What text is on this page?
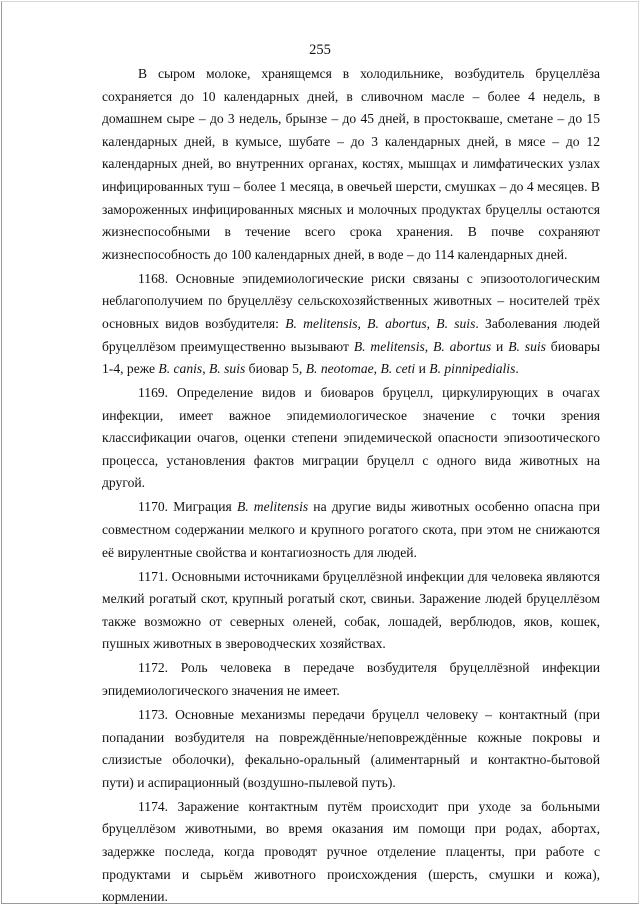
255

В сыром молоке, хранящемся в холодильнике, возбудитель бруцеллёза сохраняется до 10 календарных дней, в сливочном масле – более 4 недель, в домашнем сыре – до 3 недель, брынзе – до 45 дней, в простокваше, сметане – до 15 календарных дней, в кумысе, шубате – до 3 календарных дней, в мясе – до 12 календарных дней, во внутренних органах, костях, мышцах и лимфатических узлах инфицированных туш – более 1 месяца, в овечьей шерсти, смушках – до 4 месяцев. В замороженных инфицированных мясных и молочных продуктах бруцеллы остаются жизнеспособными в течение всего срока хранения. В почве сохраняют жизнеспособность до 100 календарных дней, в воде – до 114 календарных дней.

1168. Основные эпидемиологические риски связаны с эпизоотологическим неблагополучием по бруцеллёзу сельскохозяйственных животных – носителей трёх основных видов возбудителя: B. melitensis, B. abortus, B. suis. Заболевания людей бруцеллёзом преимущественно вызывают B. melitensis, B. abortus и B. suis биовары 1-4, реже B. canis, B. suis биовар 5, B. neotomae, B. ceti и B. pinnipedialis.

1169. Определение видов и биоваров бруцелл, циркулирующих в очагах инфекции, имеет важное эпидемиологическое значение с точки зрения классификации очагов, оценки степени эпидемической опасности эпизоотического процесса, установления фактов миграции бруцелл с одного вида животных на другой.

1170. Миграция B. melitensis на другие виды животных особенно опасна при совместном содержании мелкого и крупного рогатого скота, при этом не снижаются её вирулентные свойства и контагиозность для людей.

1171. Основными источниками бруцеллёзной инфекции для человека являются мелкий рогатый скот, крупный рогатый скот, свиньи. Заражение людей бруцеллёзом также возможно от северных оленей, собак, лошадей, верблюдов, яков, кошек, пушных животных в звероводческих хозяйствах.

1172. Роль человека в передаче возбудителя бруцеллёзной инфекции эпидемиологического значения не имеет.

1173. Основные механизмы передачи бруцелл человеку – контактный (при попадании возбудителя на повреждённые/неповреждённые кожные покровы и слизистые оболочки), фекально-оральный (алиментарный и контактно-бытовой пути) и аспирационный (воздушно-пылевой путь).

1174. Заражение контактным путём происходит при уходе за больными бруцеллёзом животными, во время оказания им помощи при родах, абортах, задержке последа, когда проводят ручное отделение плаценты, при работе с продуктами и сырьём животного происхождения (шерсть, смушки и кожа), кормлении.
